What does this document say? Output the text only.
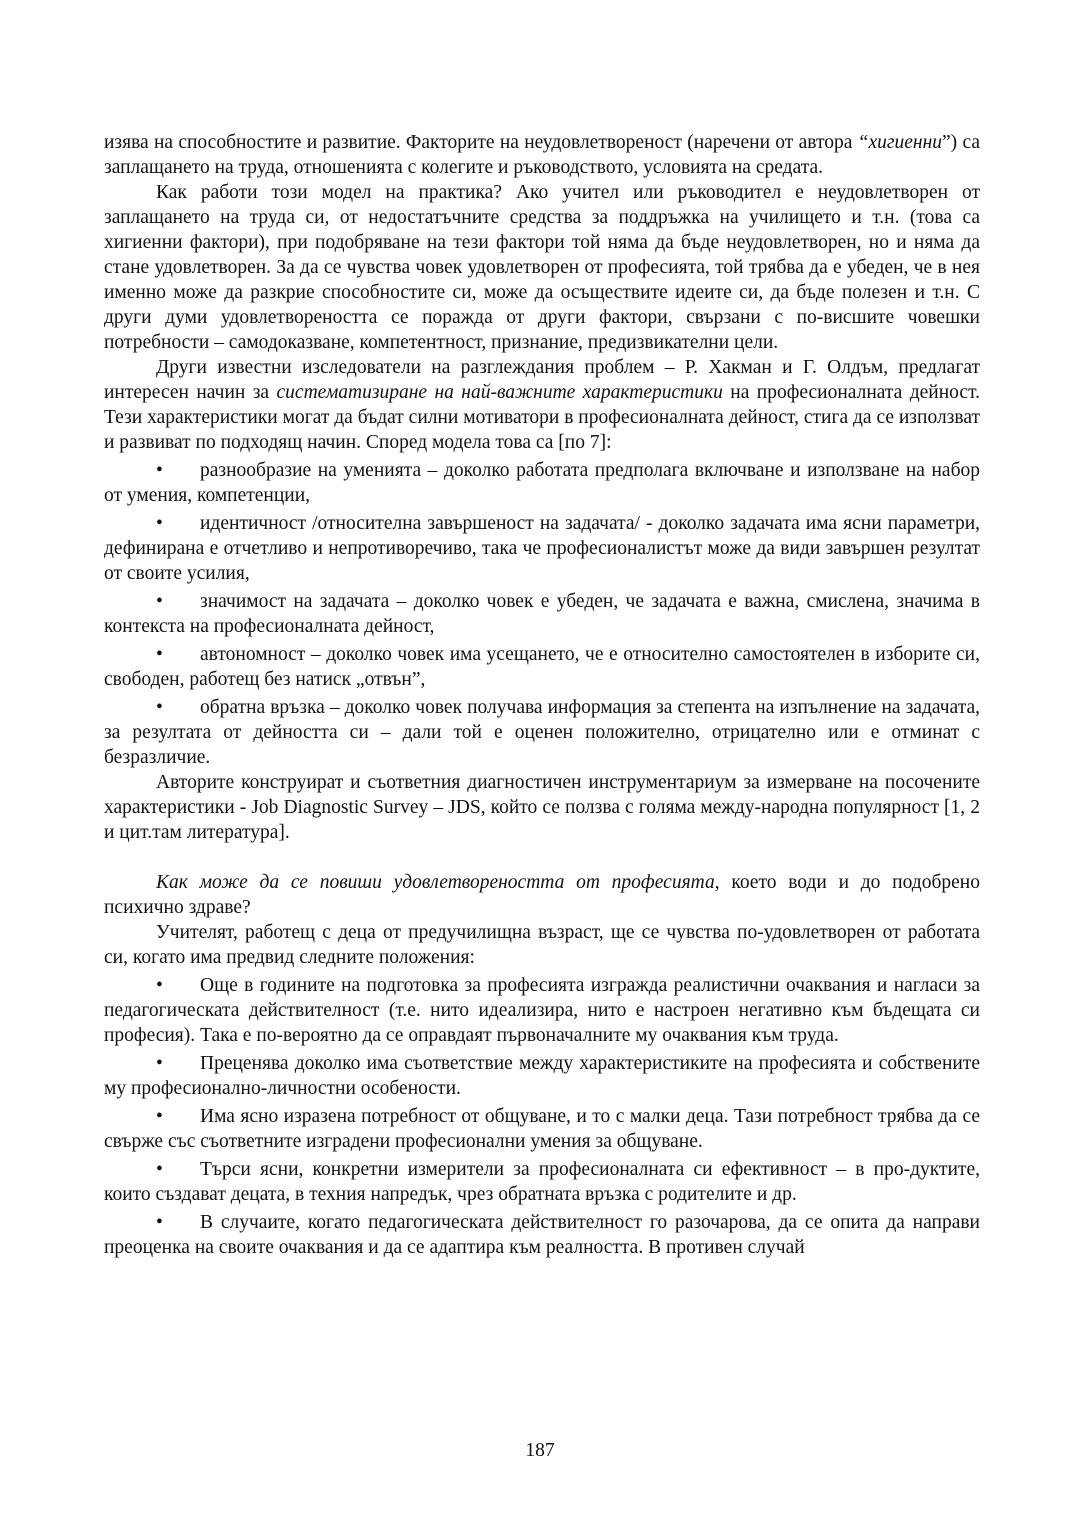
изява на способностите и развитие. Факторите на неудовлетвореност (наречени от автора “хигиенни”) са заплащането на труда, отношенията с колегите и ръководството, условията на средата.

Как работи този модел на практика? Ако учител или ръководител е неудовлетворен от заплащането на труда си, от недостатъчните средства за поддръжка на училището и т.н. (това са хигиенни фактори), при подобряване на тези фактори той няма да бъде неудовлетворен, но и няма да стане удовлетворен. За да се чувства човек удовлетворен от професията, той трябва да е убеден, че в нея именно може да разкрие способностите си, може да осъществите идеите си, да бъде полезен и т.н. С други думи удовлетвореността се поражда от други фактори, свързани с по-висшите човешки потребности – самодоказване, компетентност, признание, предизвикателни цели.

Други известни изследователи на разглеждания проблем – Р. Хакман и Г. Олдъм, предлагат интересен начин за систематизиране на най-важните характеристики на професионалната дейност. Тези характеристики могат да бъдат силни мотиватори в професионалната дейност, стига да се използват и развиват по подходящ начин. Според модела това са [по 7]:

• разнообразие на уменията – доколко работата предполага включване и използване на набор от умения, компетенции,

• идентичност /относителна завършеност на задачата/ - доколко задачата има ясни параметри, дефинирана е отчетливо и непротиворечиво, така че професионалистът може да види завършен резултат от своите усилия,

• значимост на задачата – доколко човек е убеден, че задачата е важна, смислена, значима в контекста на професионалната дейност,

• автономност – доколко човек има усещането, че е относително самостоятелен в изборите си, свободен, работещ без натиск „отвън”,

• обратна връзка – доколко човек получава информация за степента на изпълнение на задачата, за резултата от дейността си – дали той е оценен положително, отрицателно или е отминат с безразличие.

Авторите конструират и съответния диагностичен инструментариум за измерване на посочените характеристики - Job Diagnostic Survey – JDS, който се ползва с голяма между-народна популярност [1, 2 и цит.там литература].

Как може да се повиши удовлетвореността от професията, което води и до подобрено психично здраве?

Учителят, работещ с деца от предучилищна възраст, ще се чувства по-удовлетворен от работата си, когато има предвид следните положения:

• Още в годините на подготовка за професията изгражда реалистични очаквания и нагласи за педагогическата действителност (т.е. нито идеализира, нито е настроен негативно към бъдещата си професия). Така е по-вероятно да се оправдаят първоначалните му очаквания към труда.

• Преценява доколко има съответствие между характеристиките на професията и собствените му професионално-личностни особености.

• Има ясно изразена потребност от общуване, и то с малки деца. Тази потребност трябва да се свърже със съответните изградени професионални умения за общуване.

• Търси ясни, конкретни измерители за професионалната си ефективност – в про-дуктите, които създават децата, в техния напредък, чрез обратната връзка с родителите и др.

• В случаите, когато педагогическата действителност го разочарова, да се опита да направи преоценка на своите очаквания и да се адаптира към реалността. В противен случай

187
